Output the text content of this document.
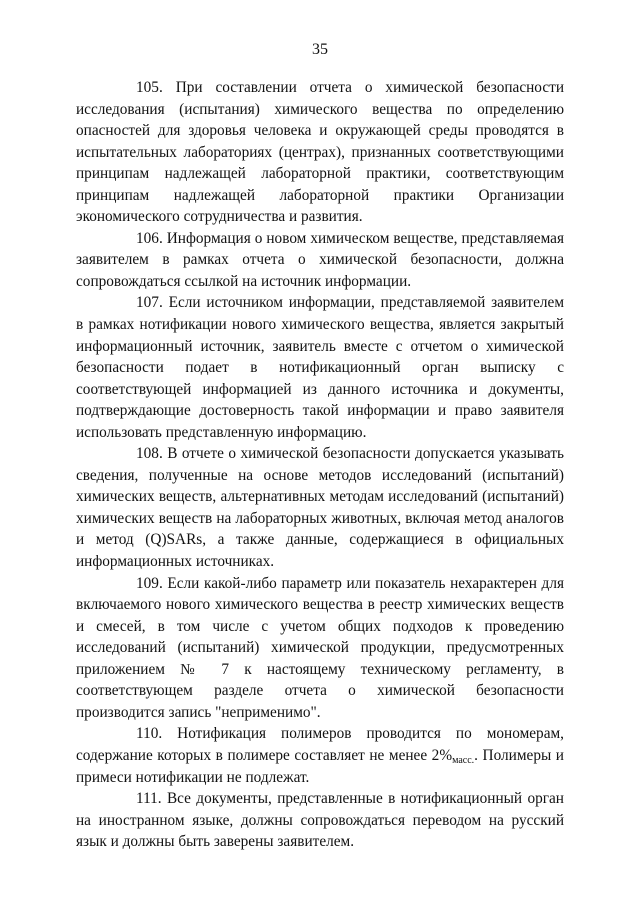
35

105. При составлении отчета о химической безопасности исследования (испытания) химического вещества по определению опасностей для здоровья человека и окружающей среды проводятся в испытательных лабораториях (центрах), признанных соответствующими принципам надлежащей лабораторной практики, соответствующим принципам надлежащей лабораторной практики Организации экономического сотрудничества и развития.

106. Информация о новом химическом веществе, представляемая заявителем в рамках отчета о химической безопасности, должна сопровождаться ссылкой на источник информации.

107. Если источником информации, представляемой заявителем в рамках нотификации нового химического вещества, является закрытый информационный источник, заявитель вместе с отчетом о химической безопасности подает в нотификационный орган выписку с соответствующей информацией из данного источника и документы, подтверждающие достоверность такой информации и право заявителя использовать представленную информацию.

108. В отчете о химической безопасности допускается указывать сведения, полученные на основе методов исследований (испытаний) химических веществ, альтернативных методам исследований (испытаний) химических веществ на лабораторных животных, включая метод аналогов и метод (Q)SARs, а также данные, содержащиеся в официальных информационных источниках.

109. Если какой-либо параметр или показатель нехарактерен для включаемого нового химического вещества в реестр химических веществ и смесей, в том числе с учетом общих подходов к проведению исследований (испытаний) химической продукции, предусмотренных приложением № 7 к настоящему техническому регламенту, в соответствующем разделе отчета о химической безопасности производится запись "неприменимо".

110. Нотификация полимеров проводится по мономерам, содержание которых в полимере составляет не менее $2\%_{масс.}$. Полимеры и примеси нотификации не подлежат.

111. Все документы, представленные в нотификационный орган на иностранном языке, должны сопровождаться переводом на русский язык и должны быть заверены заявителем.
